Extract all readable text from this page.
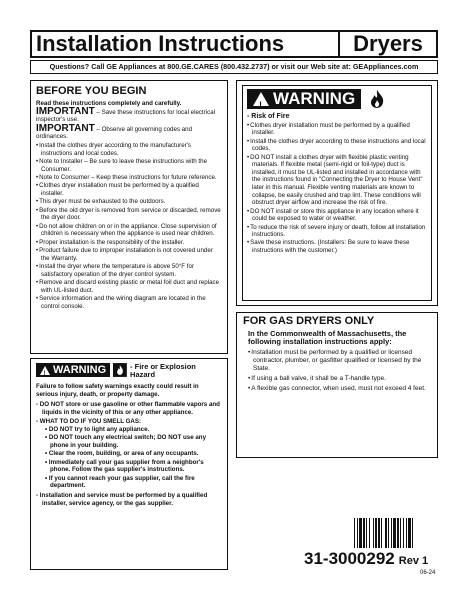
Installation Instructions	Dryers
Questions? Call GE Appliances at 800.GE.CARES (800.432.2737) or visit our Web site at: GEAppliances.com
BEFORE YOU BEGIN
Read these instructions completely and carefully.
IMPORTANT – Save these instructions for local electrical inspector's use.
IMPORTANT – Observe all governing codes and ordinances.
• Install the clothes dryer according to the manufacturer's instructions and local codes.
• Note to Installer – Be sure to leave these instructions with the Consumer.
• Note to Consumer – Keep these instructions for future reference.
• Clothes dryer installation must be performed by a qualified installer.
• This dryer must be exhausted to the outdoors.
• Before the old dryer is removed from service or discarded, remove the dryer door.
• Do not allow children on or in the appliance. Close supervision of children is necessary when the appliance is used near children.
• Proper installation is the responsibility of the installer.
• Product failure due to improper installation is not covered under the Warranty.
• Install the dryer where the temperature is above 50°F for satisfactory operation of the dryer control system.
• Remove and discard existing plastic or metal foil duct and replace with UL-listed duct.
• Service information and the wiring diagram are located in the control console.
!
WARNING	- Fire or Explosion Hazard
Failure to follow safety warnings exactly could result in serious injury, death, or property damage.
- DO NOT store or use gasoline or other flammable vapors and liquids in the vicinity of this or any other appliance.
- WHAT TO DO IF YOU SMELL GAS:
• DO NOT try to light any appliance.
• DO NOT touch any electrical switch; DO NOT use any phone in your building.
• Clear the room, building, or area of any occupants.
• Immediately call your gas supplier from a neighbor's phone. Follow the gas supplier's instructions.
• If you cannot reach your gas supplier, call the fire department.
- Installation and service must be performed by a qualified installer, service agency, or the gas supplier.
!
WARNING
- Risk of Fire
• Clothes dryer installation must be performed by a qualified installer.
• Install the clothes dryer according to these instructions and local codes.
• DO NOT install a clothes dryer with flexible plastic venting materials. If flexible metal (semi-rigid or foil-type) duct is installed, it must be UL-listed and installed in accordance with the instructions found in "Connecting the Dryer to House Vent" later in this manual. Flexible venting materials are known to collapse, be easily crushed and trap lint. These conditions will obstruct dryer airflow and increase the risk of fire.
• DO NOT install or store this appliance in any location where it could be exposed to water or weather.
• To reduce the risk of severe injury or death, follow all installation instructions.
• Save these instructions. (Installers: Be sure to leave these instructions with the customer.)
FOR GAS DRYERS ONLY
In the Commonwealth of Massachusetts, the following installation instructions apply:
• Installation must be performed by a qualified or licensed contractor, plumber, or gasfitter qualified or licensed by the State.
• If using a ball valve, it shall be a T-handle type.
• A flexible gas connector, when used, must not exceed 4 feet.
31-3000292 Rev 1
06-24
